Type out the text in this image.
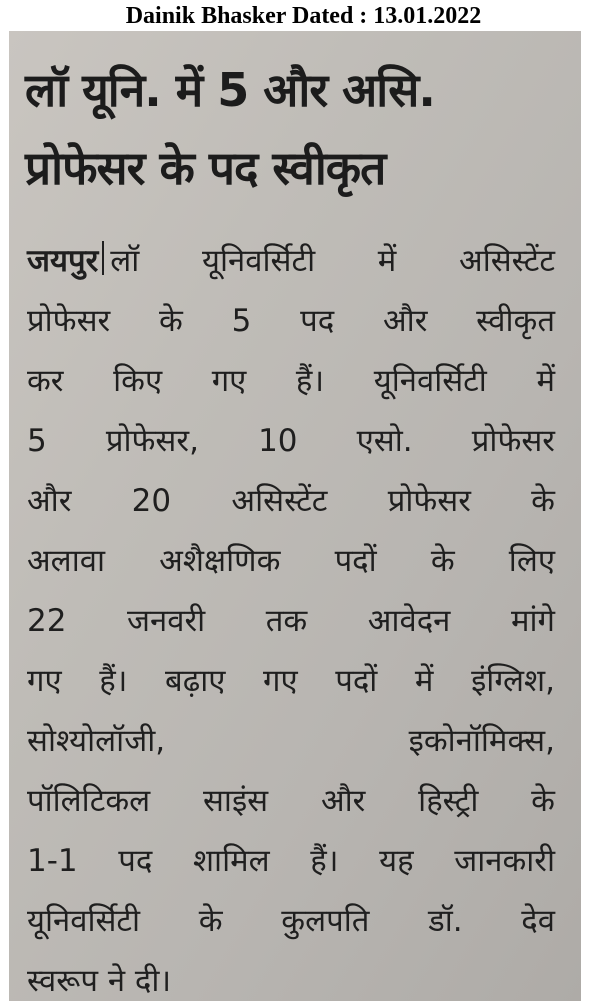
Dainik Bhasker Dated : 13.01.2022
लॉ यूनि. में 5 और असि.
प्रोफेसर के पद स्वीकृत
जयपुर लॉ यूनिवर्सिटी में असिस्टेंट
प्रोफेसर के 5 पद और स्वीकृत
कर किए गए हैं। यूनिवर्सिटी में
5 प्रोफेसर, 10 एसो. प्रोफेसर
और 20 असिस्टेंट प्रोफेसर के
अलावा अशैक्षणिक पदों के लिए
22 जनवरी तक आवेदन मांगे
गए हैं। बढ़ाए गए पदों में इंग्लिश,
सोश्योलॉजी, इकोनॉमिक्स,
पॉलिटिकल साइंस और हिस्ट्री के
1-1 पद शामिल हैं। यह जानकारी
यूनिवर्सिटी के कुलपति डॉ. देव
स्वरूप ने दी।
